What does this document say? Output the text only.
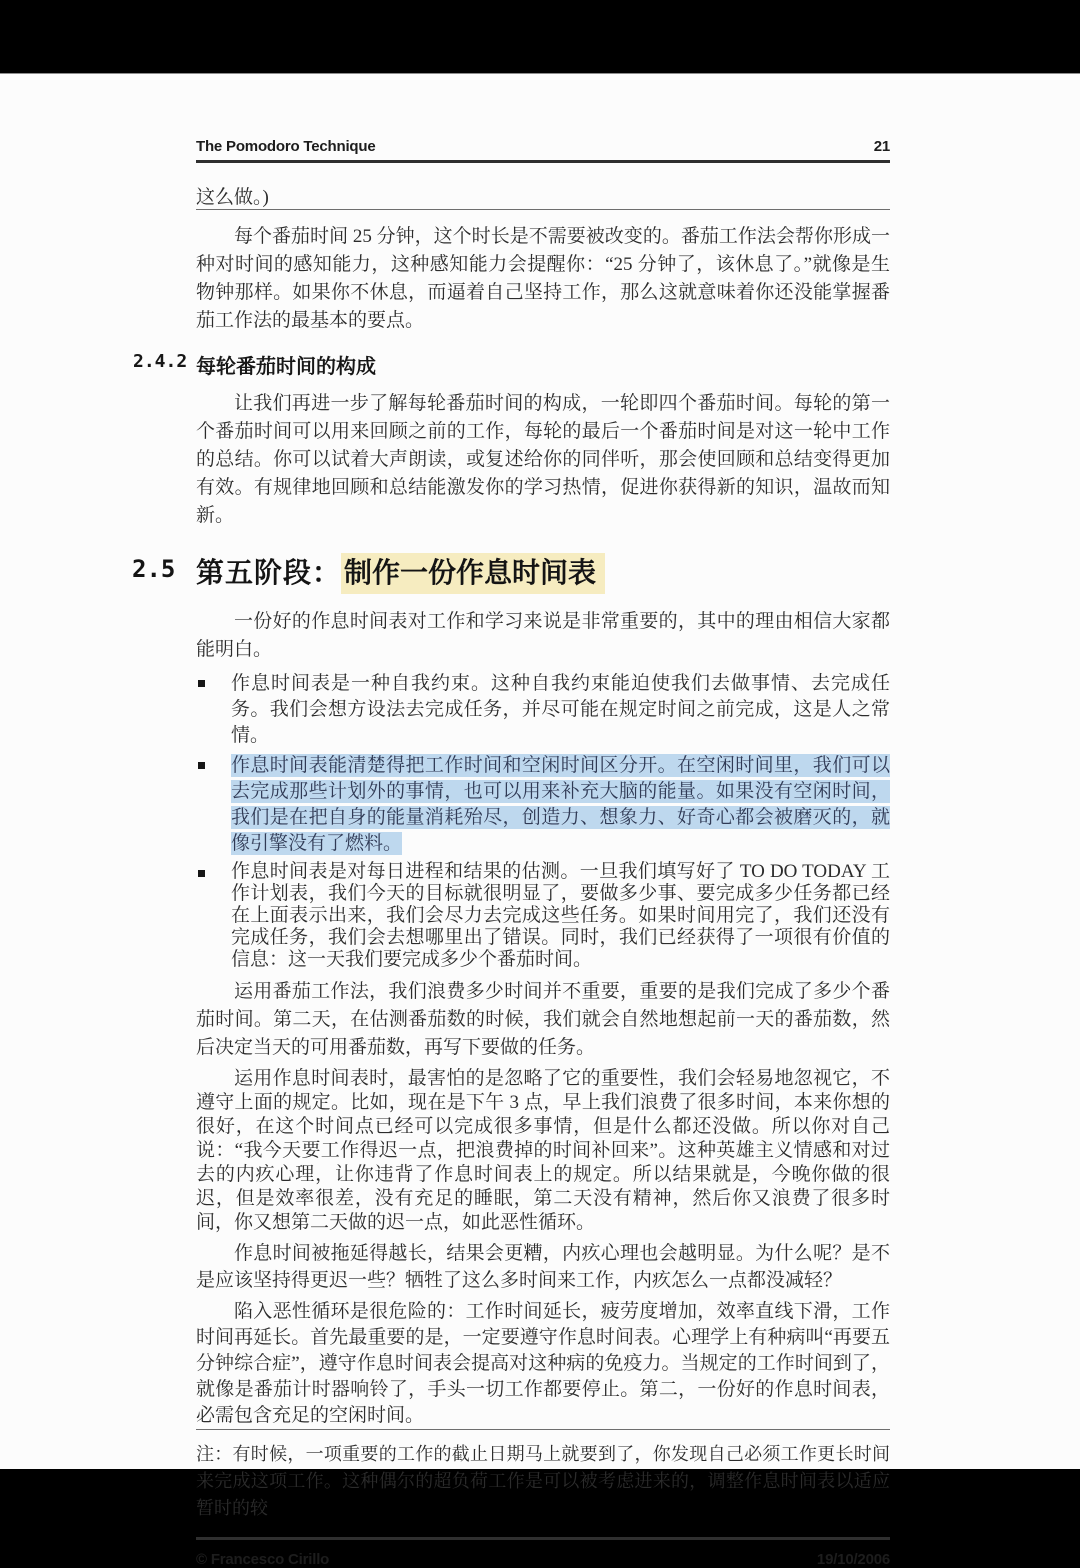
The Pomodoro Technique	21

这么做。)

每个番茄时间 25 分钟，这个时长是不需要被改变的。番茄工作法会帮你形成一种对时间的感知能力，这种感知能力会提醒你：“25 分钟了，该休息了。”就像是生物钟那样。如果你不休息，而逼着自己坚持工作，那么这就意味着你还没能掌握番茄工作法的最基本的要点。

2.4.2 每轮番茄时间的构成

让我们再进一步了解每轮番茄时间的构成，一轮即四个番茄时间。每轮的第一个番茄时间可以用来回顾之前的工作，每轮的最后一个番茄时间是对这一轮中工作的总结。你可以试着大声朗读，或复述给你的同伴听，那会使回顾和总结变得更加有效。有规律地回顾和总结能激发你的学习热情，促进你获得新的知识，温故而知新。

2.5 第五阶段： 制作一份作息时间表

一份好的作息时间表对工作和学习来说是非常重要的，其中的理由相信大家都能明白。

作息时间表是一种自我约束。这种自我约束能迫使我们去做事情、去完成任务。我们会想方设法去完成任务，并尽可能在规定时间之前完成，这是人之常情。
作息时间表能清楚得把工作时间和空闲时间区分开。在空闲时间里，我们可以去完成那些计划外的事情，也可以用来补充大脑的能量。如果没有空闲时间，我们是在把自身的能量消耗殆尽，创造力、想象力、好奇心都会被磨灭的，就像引擎没有了燃料。
作息时间表是对每日进程和结果的估测。一旦我们填写好了 TO DO TODAY 工作计划表，我们今天的目标就很明显了，要做多少事、要完成多少任务都已经在上面表示出来，我们会尽力去完成这些任务。如果时间用完了，我们还没有完成任务，我们会去想哪里出了错误。同时，我们已经获得了一项很有价值的信息：这一天我们要完成多少个番茄时间。

运用番茄工作法，我们浪费多少时间并不重要，重要的是我们完成了多少个番茄时间。第二天，在估测番茄数的时候，我们就会自然地想起前一天的番茄数，然后决定当天的可用番茄数，再写下要做的任务。

运用作息时间表时，最害怕的是忽略了它的重要性，我们会轻易地忽视它，不遵守上面的规定。比如，现在是下午 3 点，早上我们浪费了很多时间，本来你想的很好，在这个时间点已经可以完成很多事情，但是什么都还没做。所以你对自己说：“我今天要工作得迟一点，把浪费掉的时间补回来”。这种英雄主义情感和对过去的内疚心理，让你违背了作息时间表上的规定。所以结果就是，今晚你做的很迟，但是效率很差，没有充足的睡眠，第二天没有精神，然后你又浪费了很多时间，你又想第二天做的迟一点，如此恶性循环。

作息时间被拖延得越长，结果会更糟，内疚心理也会越明显。为什么呢？是不是应该坚持得更迟一些？牺牲了这么多时间来工作，内疚怎么一点都没减轻？

陷入恶性循环是很危险的：工作时间延长，疲劳度增加，效率直线下滑，工作时间再延长。首先最重要的是，一定要遵守作息时间表。心理学上有种病叫“再要五分钟综合症”，遵守作息时间表会提高对这种病的免疫力。当规定的工作时间到了，就像是番茄计时器响铃了，手头一切工作都要停止。第二，一份好的作息时间表，必需包含充足的空闲时间。

注：有时候，一项重要的工作的截止日期马上就要到了，你发现自己必须工作更长时间来完成这项工作。这种偶尔的超负荷工作是可以被考虑进来的，调整作息时间表以适应暂时的较

© Francesco Cirillo	19/10/2006
